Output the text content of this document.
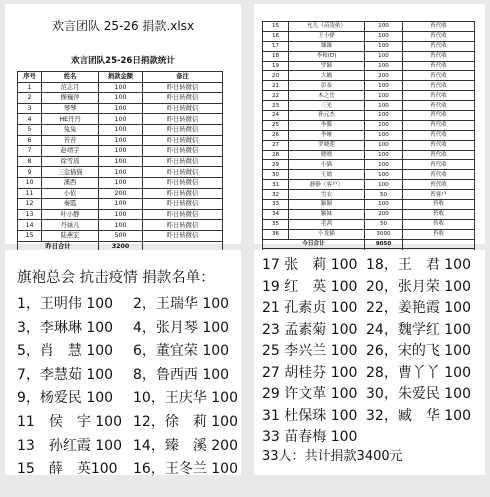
欢言团队 25-26 捐款.xlsx
欢言团队25-26日捐款统计
序号	姓名	捐款金额	备注
1	范志月	100	昨日转微信
2	操巍萍	100	昨日转微信
3	琴琴	100	昨日转微信
4	HE丹丹	100	昨日转微信
5	兔兔	100	昨日转微信
6	苔苔	100	昨日转微信
7	赵靖宇	100	昨日转微信
8	徐雪瑶	100	昨日转微信
9	三金猫猫	100	昨日转微信
10	溪西	100	昨日转微信
11	小依	200	昨日转微信
12	秦霞	100	昨日转微信
13	叶小静	100	昨日转微信
14	丹妹儿	100	昨日转微信
15	陆燕宏	500	昨日转微信
昨日合计		3200	
15	允儿（苗凌依）	100	苔代收
16	王小驿	100	苔代收
17	臻臻	100	苔代收
18	李和(D)	100	苔代收
19	罗颖	100	苔代收
20	大巅	200	苔代收
21	彭泰	100	苔代收
22	木之岳	100	苔代收
23	三光	100	苔代收
24	孙元杰	100	苔代收
25	李朦	100	苔代收
26	李娅	100	苔代收
27	罗晓莲	100	苔代收
28	晓晓	100	苔代收
29	小猫	100	苔代收
30	王嫣	100	苔代收
31	静静（客户）	100	苔代收
32	雪衣	50	苔客户
33	颖颖	100	苔收
34	颖妹	200	苔收
35	毛茜	50	苔收
36	小龙猫	3000	苔收
今日合计		9050	

旗袍总会 抗击疫情 捐款名单：
1，王明伟 100 2，王瑞华 100
3，李琳琳 100 4，张月琴 100
5，肖　慧 100 6，董宜荣 100
7，李慧茹 100 8，鲁西西 100
9，杨爱民 100 10，王庆华 100
11　侯　宇 100 12，徐　莉 100
13　孙红霞 100 14，臻　溪 200
15　薛　英100 16，王冬兰 100
17 张　莉 100 18，王　君 100
19 红　英 100 20，张月荣 100
21 孔素贞 100 22，姜艳霞 100
23 孟素菊 100 24，魏学红 100
25 李兴兰 100 26，宋的飞 100
27 胡桂芬 100 28，曹丫丫 100
29 许文革 100 30，朱爱民 100
31 杜保珠 100 32，臧　华 100
33 苗春梅 100
33人：共计捐款3400元
